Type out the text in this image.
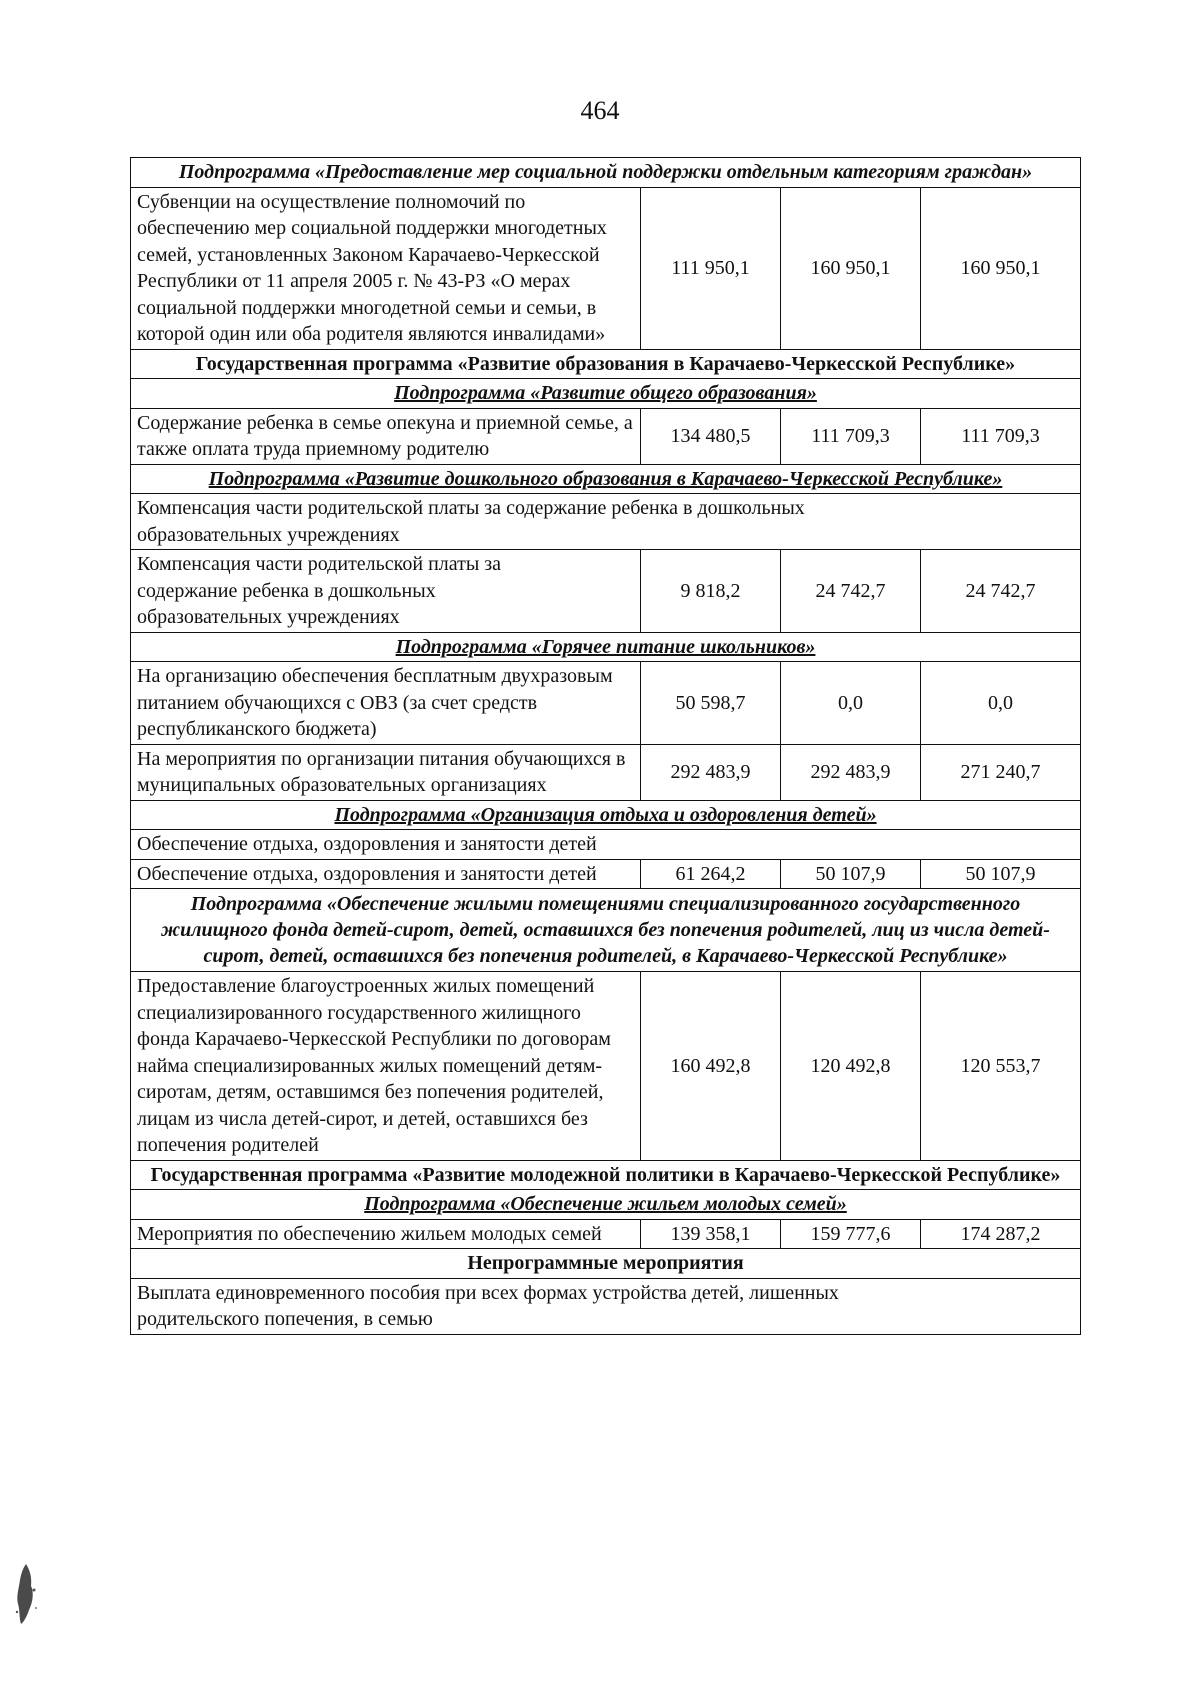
464
Подпрограмма «Предоставление мер социальной поддержки отдельным категориям граждан»			
Субвенции на осуществление полномочий по обеспечению мер социальной поддержки многодетных семей, установленных Законом Карачаево-Черкесской Республики от 11 апреля 2005 г. № 43-РЗ «О мерах социальной поддержки многодетной семьи и семьи, в которой один или оба родителя являются инвалидами»	111 950,1	160 950,1	160 950,1
Государственная программа «Развитие образования в Карачаево-Черкесской Республике»			
Подпрограмма «Развитие общего образования»			
Содержание ребенка в семье опекуна и приемной семье, а также оплата труда приемному родителю	134 480,5	111 709,3	111 709,3
Подпрограмма «Развитие дошкольного образования в Карачаево-Черкесской Республике»			
Компенсация части родительской платы за содержание ребенка в дошкольных образовательных учреждениях			
Компенсация части родительской платы за содержание ребенка в дошкольных образовательных учреждениях	9 818,2	24 742,7	24 742,7
Подпрограмма «Горячее питание школьников»			
На организацию обеспечения бесплатным двухразовым питанием обучающихся с ОВЗ (за счет средств республиканского бюджета)	50 598,7	0,0	0,0
На мероприятия по организации питания обучающихся в муниципальных образовательных организациях	292 483,9	292 483,9	271 240,7
Подпрограмма «Организация отдыха и оздоровления детей»			
Обеспечение отдыха, оздоровления и занятости детей			
Обеспечение отдыха, оздоровления и занятости детей	61 264,2	50 107,9	50 107,9
Подпрограмма «Обеспечение жилыми помещениями специализированного государственного жилищного фонда детей-сирот, детей, оставшихся без попечения родителей, лиц из числа детей-сирот, детей, оставшихся без попечения родителей, в Карачаево-Черкесской Республике»			
Предоставление благоустроенных жилых помещений специализированного государственного жилищного фонда Карачаево-Черкесской Республики по договорам найма специализированных жилых помещений детям-сиротам, детям, оставшимся без попечения родителей, лицам из числа детей-сирот, и детей, оставшихся без попечения родителей	160 492,8	120 492,8	120 553,7
Государственная программа «Развитие молодежной политики в Карачаево-Черкесской Республике»			
Подпрограмма «Обеспечение жильем молодых семей»			
Мероприятия по обеспечению жильем молодых семей	139 358,1	159 777,6	174 287,2
Непрограммные мероприятия			
Выплата единовременного пособия при всех формах устройства детей, лишенных родительского попечения, в семью			
